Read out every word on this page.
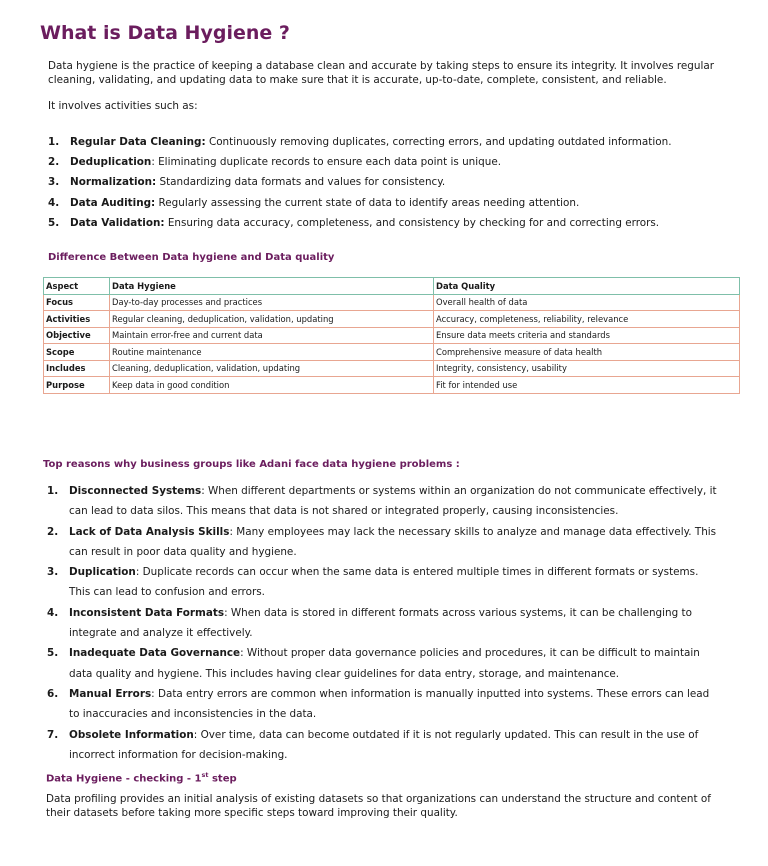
What is Data Hygiene ?

Data hygiene is the practice of keeping a database clean and accurate by taking steps to ensure its integrity. It involves regular cleaning, validating, and updating data to make sure that it is accurate, up-to-date, complete, consistent, and reliable.

It involves activities such as:

1. Regular Data Cleaning: Continuously removing duplicates, correcting errors, and updating outdated information.
2. Deduplication: Eliminating duplicate records to ensure each data point is unique.
3. Normalization: Standardizing data formats and values for consistency.
4. Data Auditing: Regularly assessing the current state of data to identify areas needing attention.
5. Data Validation: Ensuring data accuracy, completeness, and consistency by checking for and correcting errors.
Difference Between Data hygiene and Data quality
Aspect	Data Hygiene	Data Quality
Focus	Day-to-day processes and practices	Overall health of data
Activities	Regular cleaning, deduplication, validation, updating	Accuracy, completeness, reliability, relevance
Objective	Maintain error-free and current data	Ensure data meets criteria and standards
Scope	Routine maintenance	Comprehensive measure of data health
Includes	Cleaning, deduplication, validation, updating	Integrity, consistency, usability
Purpose	Keep data in good condition	Fit for intended use
Top reasons why business groups like Adani face data hygiene problems :
1. Disconnected Systems: When different departments or systems within an organization do not communicate effectively, it can lead to data silos. This means that data is not shared or integrated properly, causing inconsistencies.
2. Lack of Data Analysis Skills: Many employees may lack the necessary skills to analyze and manage data effectively. This can result in poor data quality and hygiene.
3. Duplication: Duplicate records can occur when the same data is entered multiple times in different formats or systems. This can lead to confusion and errors.
4. Inconsistent Data Formats: When data is stored in different formats across various systems, it can be challenging to integrate and analyze it effectively.
5. Inadequate Data Governance: Without proper data governance policies and procedures, it can be difficult to maintain data quality and hygiene. This includes having clear guidelines for data entry, storage, and maintenance.
6. Manual Errors: Data entry errors are common when information is manually inputted into systems. These errors can lead to inaccuracies and inconsistencies in the data.
7. Obsolete Information: Over time, data can become outdated if it is not regularly updated. This can result in the use of incorrect information for decision-making.
Data Hygiene - checking - 1st step

Data profiling provides an initial analysis of existing datasets so that organizations can understand the structure and content of their datasets before taking more specific steps toward improving their quality.
